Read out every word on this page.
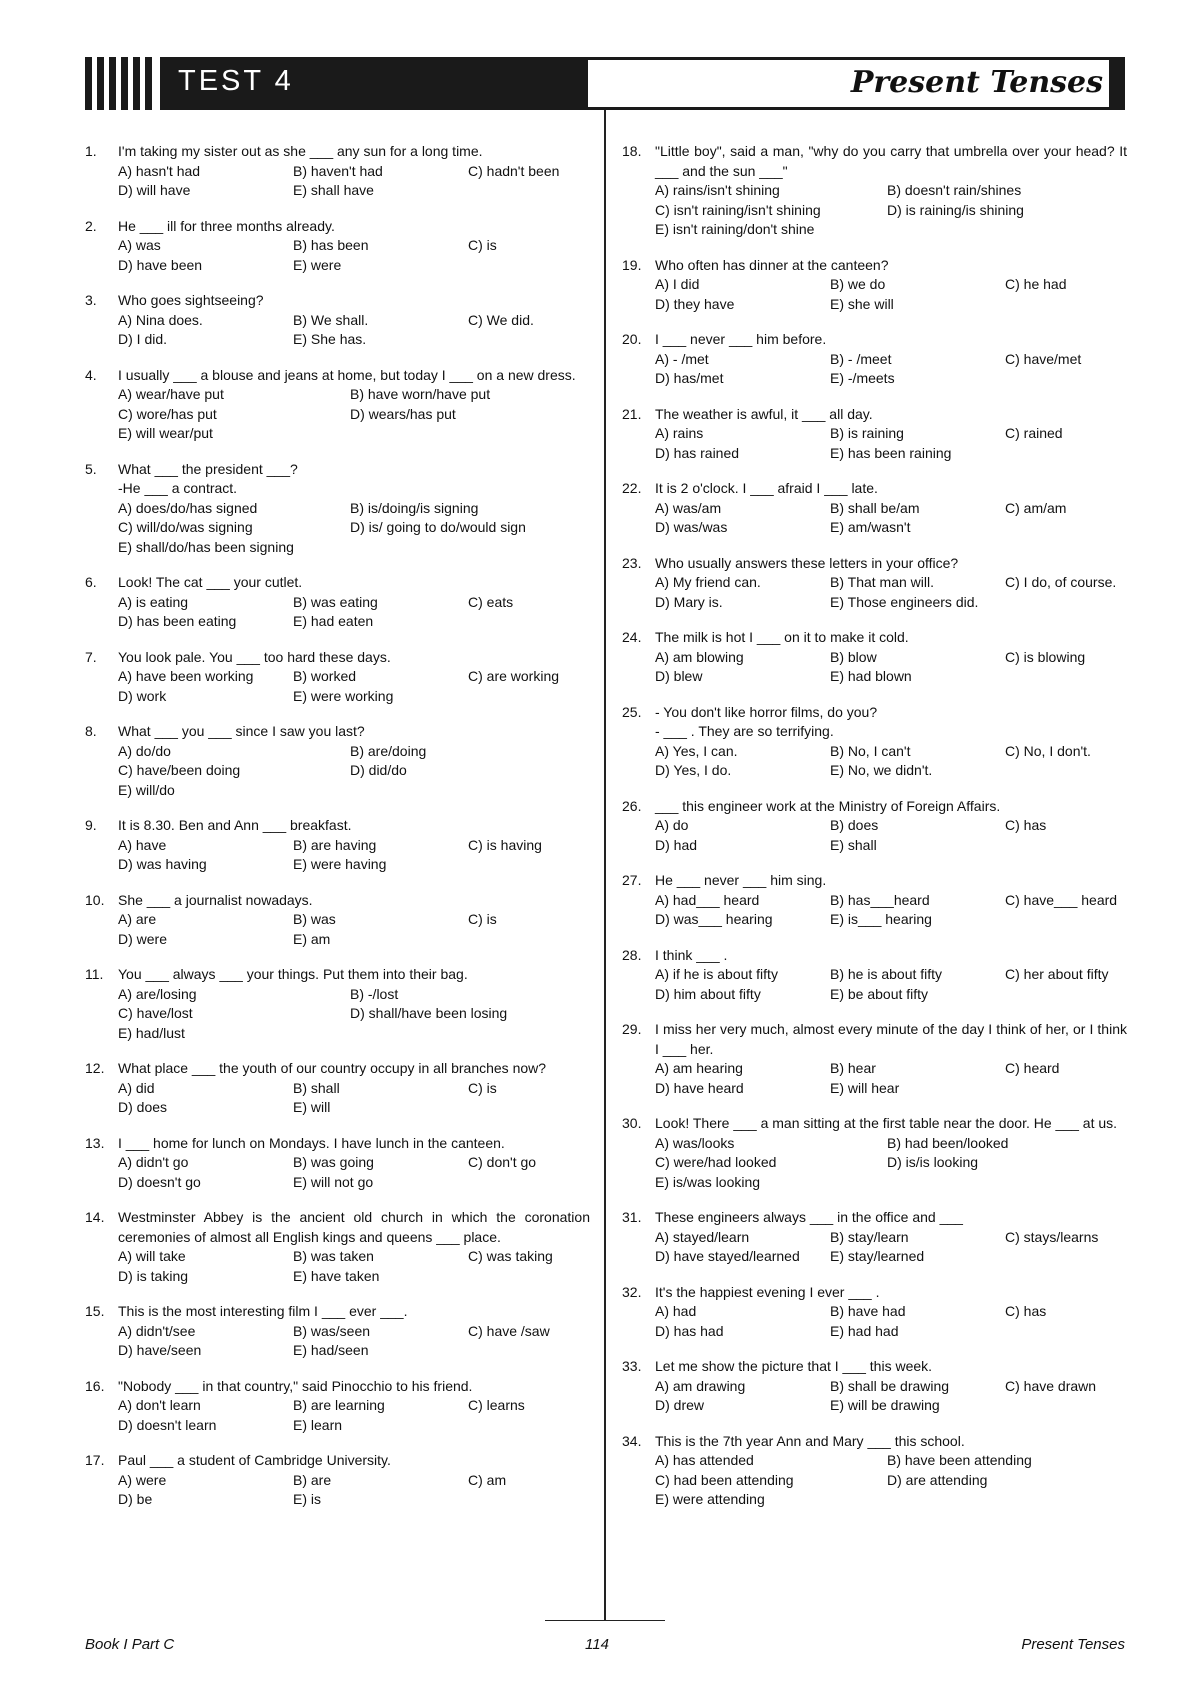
TEST 4	Present Tenses
1. I'm taking my sister out as she ___ any sun for a long time.
A) hasn't had	B) haven't had	C) hadn't been
D) will have	E) shall have
2. He ___ ill for three months already.
A) was	B) has been	C) is
D) have been	E) were
3. Who goes sightseeing?
A) Nina does.	B) We shall.	C) We did.
D) I did.	E) She has.
4. I usually ___ a blouse and jeans at home, but today I ___ on a new dress.
A) wear/have put	B) have worn/have put
C) wore/has put	D) wears/has put
E) will wear/put
5. What ___ the president ___?
-He ___ a contract.
A) does/do/has signed	B) is/doing/is signing
C) will/do/was signing	D) is/ going to do/would sign
E) shall/do/has been signing
6. Look! The cat ___ your cutlet.
A) is eating	B) was eating	C) eats
D) has been eating	E) had eaten
7. You look pale. You ___ too hard these days.
A) have been working	B) worked	C) are working
D) work	E) were working
8. What ___ you ___ since I saw you last?
A) do/do	B) are/doing
C) have/been doing	D) did/do
E) will/do
9. It is 8.30. Ben and Ann ___ breakfast.
A) have	B) are having	C) is having
D) was having	E) were having
10. She ___ a journalist nowadays.
A) are	B) was	C) is
D) were	E) am
11. You ___ always ___ your things. Put them into their bag.
A) are/losing	B) -/lost
C) have/lost	D) shall/have been losing
E) had/lust
12. What place ___ the youth of our country occupy in all branches now?
A) did	B) shall	C) is
D) does	E) will
13. I ___ home for lunch on Mondays. I have lunch in the canteen.
A) didn't go	B) was going	C) don't go
D) doesn't go	E) will not go
14. Westminster Abbey is the ancient old church in which the coronation ceremonies of almost all English kings and queens ___ place.
A) will take	B) was taken	C) was taking
D) is taking	E) have taken
15. This is the most interesting film I ___ ever ___.
A) didn't/see	B) was/seen	C) have /saw
D) have/seen	E) had/seen
16. "Nobody ___ in that country," said Pinocchio to his friend.
A) don't learn	B) are learning	C) learns
D) doesn't learn	E) learn
17. Paul ___ a student of Cambridge University.
A) were	B) are	C) am
D) be	E) is
18. "Little boy", said a man, "why do you carry that umbrella over your head? It ___ and the sun ___"
A) rains/isn't shining	B) doesn't rain/shines
C) isn't raining/isn't shining	D) is raining/is shining
E) isn't raining/don't shine
19. Who often has dinner at the canteen?
A) I did	B) we do	C) he had
D) they have	E) she will
20. I ___ never ___ him before.
A) - /met	B) - /meet	C) have/met
D) has/met	E) -/meets
21. The weather is awful, it ___ all day.
A) rains	B) is raining	C) rained
D) has rained	E) has been raining
22. It is 2 o'clock. I ___ afraid I ___ late.
A) was/am	B) shall be/am	C) am/am
D) was/was	E) am/wasn't
23. Who usually answers these letters in your office?
A) My friend can.	B) That man will.	C) I do, of course.
D) Mary is.	E) Those engineers did.
24. The milk is hot I ___ on it to make it cold.
A) am blowing	B) blow	C) is blowing
D) blew	E) had blown
25. - You don't like horror films, do you?
- ___ . They are so terrifying.
A) Yes, I can.	B) No, I can't	C) No, I don't.
D) Yes, I do.	E) No, we didn't.
26. ___ this engineer work at the Ministry of Foreign Affairs.
A) do	B) does	C) has
D) had	E) shall
27. He ___ never ___ him sing.
A) had___ heard	B) has___heard	C) have___ heard
D) was___ hearing	E) is___ hearing
28. I think ___ .
A) if he is about fifty	B) he is about fifty	C) her about fifty
D) him about fifty	E) be about fifty
29. I miss her very much, almost every minute of the day I think of her, or I think I ___ her.
A) am hearing	B) hear	C) heard
D) have heard	E) will hear
30. Look! There ___ a man sitting at the first table near the door. He ___ at us.
A) was/looks	B) had been/looked
C) were/had looked	D) is/is looking
E) is/was looking
31. These engineers always ___ in the office and ___
A) stayed/learn	B) stay/learn	C) stays/learns
D) have stayed/learned	E) stay/learned
32. It's the happiest evening I ever ___ .
A) had	B) have had	C) has
D) has had	E) had had
33. Let me show the picture that I ___ this week.
A) am drawing	B) shall be drawing	C) have drawn
D) drew	E) will be drawing
34. This is the 7th year Ann and Mary ___ this school.
A) has attended	B) have been attending
C) had been attending	D) are attending
E) were attending
Book I Part C	114	Present Tenses
